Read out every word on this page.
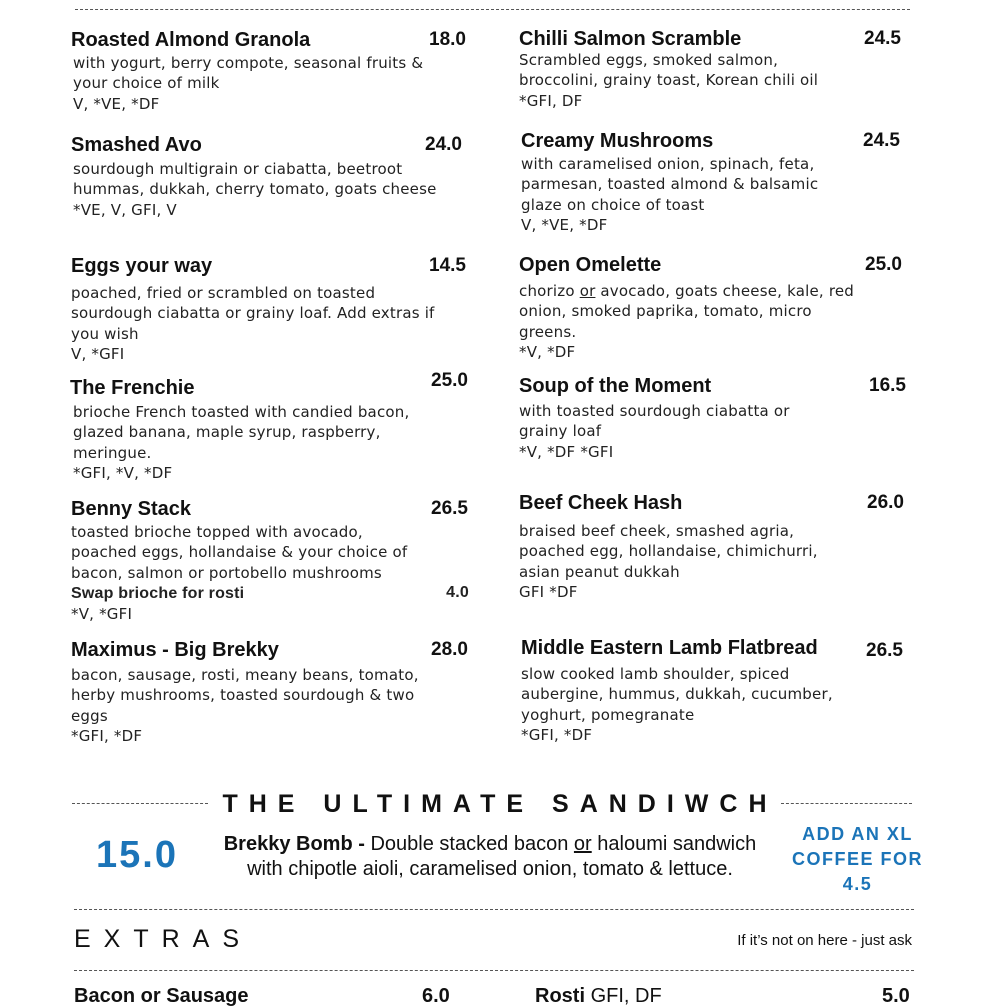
Roasted Almond Granola	18.0
with yogurt, berry compote, seasonal fruits & your choice of milk
V, *VE, *DF
Smashed Avo	24.0
sourdough multigrain or ciabatta, beetroot hummas, dukkah, cherry tomato, goats cheese
*VE, V, GFI, V
Eggs your way	14.5
poached, fried or scrambled on toasted sourdough ciabatta or grainy loaf. Add extras if you wish
V, *GFI
The Frenchie	25.0
brioche French toasted with candied bacon, glazed banana, maple syrup, raspberry, meringue.
*GFI, *V, *DF
Benny Stack	26.5
toasted brioche topped with avocado, poached eggs, hollandaise & your choice of bacon, salmon or portobello mushrooms
Swap brioche for rosti	4.0
*V, *GFI
Maximus - Big Brekky	28.0
bacon, sausage, rosti, meany beans, tomato, herby mushrooms, toasted sourdough & two eggs
*GFI, *DF
Chilli Salmon Scramble	24.5
Scrambled eggs, smoked salmon, broccolini, grainy toast, Korean chili oil
*GFI, DF
Creamy Mushrooms	24.5
with caramelised onion, spinach, feta, parmesan, toasted almond & balsamic glaze on choice of toast
V, *VE, *DF
Open Omelette	25.0
chorizo or avocado, goats cheese, kale, red onion, smoked paprika, tomato, micro greens.
*V, *DF
Soup of the Moment	16.5
with toasted sourdough ciabatta or grainy loaf
*V, *DF *GFI
Beef Cheek Hash	26.0
braised beef cheek, smashed agria, poached egg, hollandaise, chimichurri, asian peanut dukkah
GFI *DF
Middle Eastern Lamb Flatbread	26.5
slow cooked lamb shoulder, spiced aubergine, hummus, dukkah, cucumber, yoghurt, pomegranate
*GFI, *DF
THE ULTIMATE SANDIWCH
15.0	Brekky Bomb - Double stacked bacon or haloumi sandwich with chipotle aioli, caramelised onion, tomato & lettuce.
ADD AN XL COFFEE FOR 4.5
EXTRAS	If it’s not on here - just ask
Bacon or Sausage	6.0	Rosti GFI, DF	5.0
